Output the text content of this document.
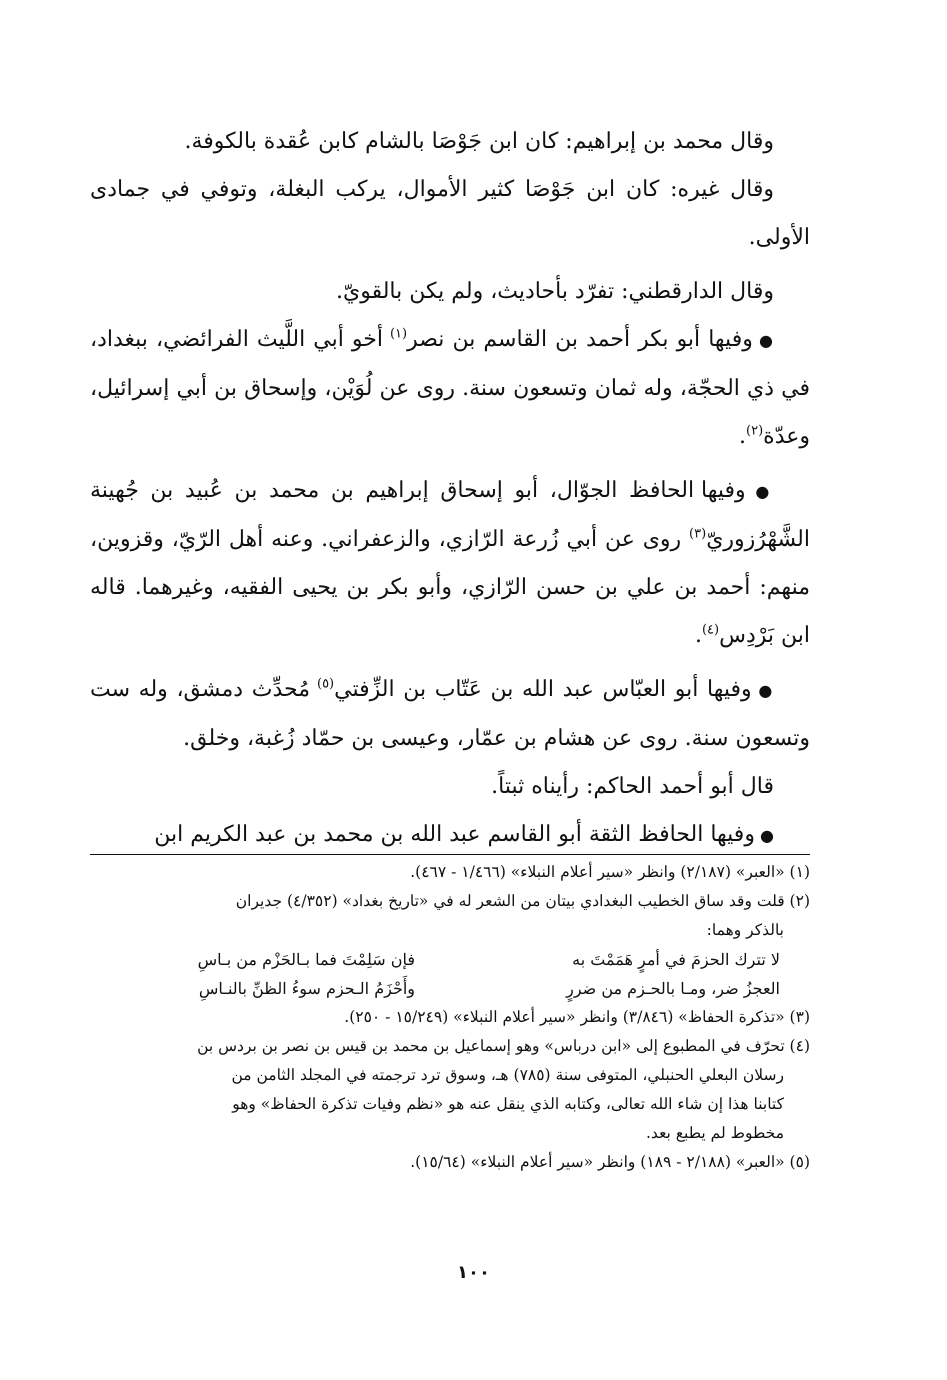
وقال محمد بن إبراهيم: كان ابن جَوْصَا بالشام كابن عُقدة بالكوفة.

وقال غيره: كان ابن جَوْصَا كثير الأموال، يركب البغلة، وتوفي في جمادى الأولى.

وقال الدارقطني: تفرّد بأحاديث، ولم يكن بالقويّ.

● وفيها أبو بكر أحمد بن القاسم بن نصر$^{(١)}$ أخو أبي اللَّيث الفرائضي، ببغداد، في ذي الحجّة، وله ثمان وتسعون سنة. روى عن لُوَيْن، وإسحاق بن أبي إسرائيل، وعدّة$^{(٢)}$.

● وفيها الحافظ الجوّال، أبو إسحاق إبراهيم بن محمد بن عُبيد بن جُهينة الشَّهْرُزوريّ$^{(٣)}$ روى عن أبي زُرعة الرّازي، والزعفراني. وعنه أهل الرّيّ، وقزوين، منهم: أحمد بن علي بن حسن الرّازي، وأبو بكر بن يحيى الفقيه، وغيرهما. قاله ابن بَرْدِس$^{(٤)}$.

● وفيها أبو العبّاس عبد الله بن عَتّاب بن الزِّفتي$^{(٥)}$ مُحدِّث دمشق، وله ست وتسعون سنة. روى عن هشام بن عمّار، وعيسى بن حمّاد زُغبة، وخلق.

قال أبو أحمد الحاكم: رأيناه ثبتاً.

● وفيها الحافظ الثقة أبو القاسم عبد الله بن محمد بن عبد الكريم ابن

(١) «العبر» (٢/١٨٧) وانظر «سير أعلام النبلاء» (١/٤٦٦ - ٤٦٧).

(٢) قلت وقد ساق الخطيب البغدادي بيتان من الشعر له في «تاريخ بغداد» (٤/٣٥٢) جديران

بالذكر وهما:

لا تترك الحزمَ في أمرٍ هَمَمْتَ به
فإن سَلِمْتَ فما بـالحَزْم من بـاسِ
العجزُ ضر، ومـا بالحـزم من ضررٍ
وأَحْزَمُ الـحزم سوءُ الظنِّ بالنـاسِ

(٣) «تذكرة الحفاظ» (٣/٨٤٦) وانظر «سير أعلام النبلاء» (١٥/٢٤٩ - ٢٥٠).

(٤) تحرّف في المطبوع إلى «ابن درباس» وهو إسماعيل بن محمد بن قيس بن نصر بن بردس بن

رسلان البعلي الحنبلي، المتوفى سنة (٧٨٥) هـ، وسوق ترد ترجمته في المجلد الثامن من

كتابنا هذا إن شاء الله تعالى، وكتابه الذي ينقل عنه هو «نظم وفيات تذكرة الحفاظ» وهو

مخطوط لم يطبع بعد.

(٥) «العبر» (٢/١٨٨ - ١٨٩) وانظر «سير أعلام النبلاء» (١٥/٦٤).

١٠٠
